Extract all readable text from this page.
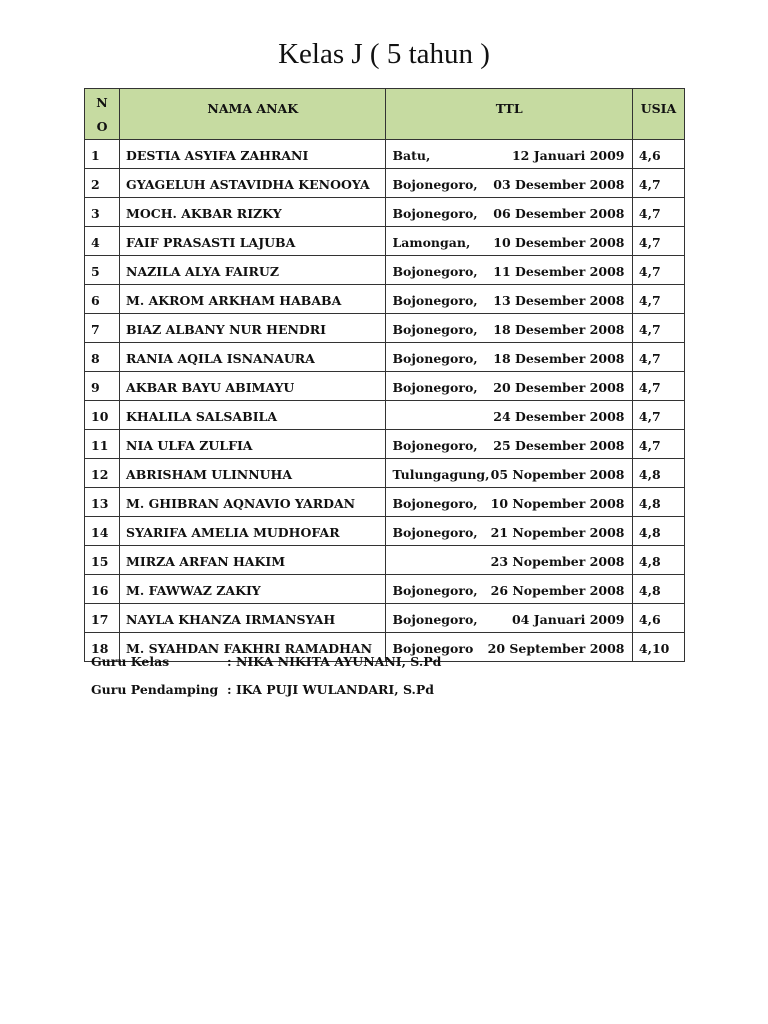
Kelas J ( 5 tahun )
N
O	NAMA ANAK	TTL	USIA
1	DESTIA ASYIFA ZAHRANI	Batu, 12 Januari 2009	4,6
2	GYAGELUH ASTAVIDHA KENOOYA	Bojonegoro, 03 Desember 2008	4,7
3	MOCH. AKBAR RIZKY	Bojonegoro, 06 Desember 2008	4,7
4	FAIF PRASASTI LAJUBA	Lamongan, 10 Desember 2008	4,7
5	NAZILA ALYA FAIRUZ	Bojonegoro, 11 Desember 2008	4,7
6	M. AKROM ARKHAM HABABA	Bojonegoro, 13 Desember 2008	4,7
7	BIAZ ALBANY NUR HENDRI	Bojonegoro, 18 Desember 2008	4,7
8	RANIA AQILA ISNANAURA	Bojonegoro, 18 Desember 2008	4,7
9	AKBAR BAYU ABIMAYU	Bojonegoro, 20 Desember 2008	4,7
10	KHALILA SALSABILA	24 Desember 2008	4,7
11	NIA ULFA ZULFIA	Bojonegoro, 25 Desember 2008	4,7
12	ABRISHAM ULINNUHA	Tulungagung, 05 Nopember 2008	4,8
13	M. GHIBRAN AQNAVIO YARDAN	Bojonegoro, 10 Nopember 2008	4,8
14	SYARIFA AMELIA MUDHOFAR	Bojonegoro, 21 Nopember 2008	4,8
15	MIRZA ARFAN HAKIM	23 Nopember 2008	4,8
16	M. FAWWAZ ZAKIY	Bojonegoro, 26 Nopember 2008	4,8
17	NAYLA KHANZA IRMANSYAH	Bojonegoro, 04 Januari 2009	4,6
18	M. SYAHDAN FAKHRI RAMADHAN	Bojonegoro 20 September 2008	4,10
Guru Kelas	: NIKA NIKITA AYUNANI, S.Pd
Guru Pendamping : IKA PUJI WULANDARI, S.Pd
